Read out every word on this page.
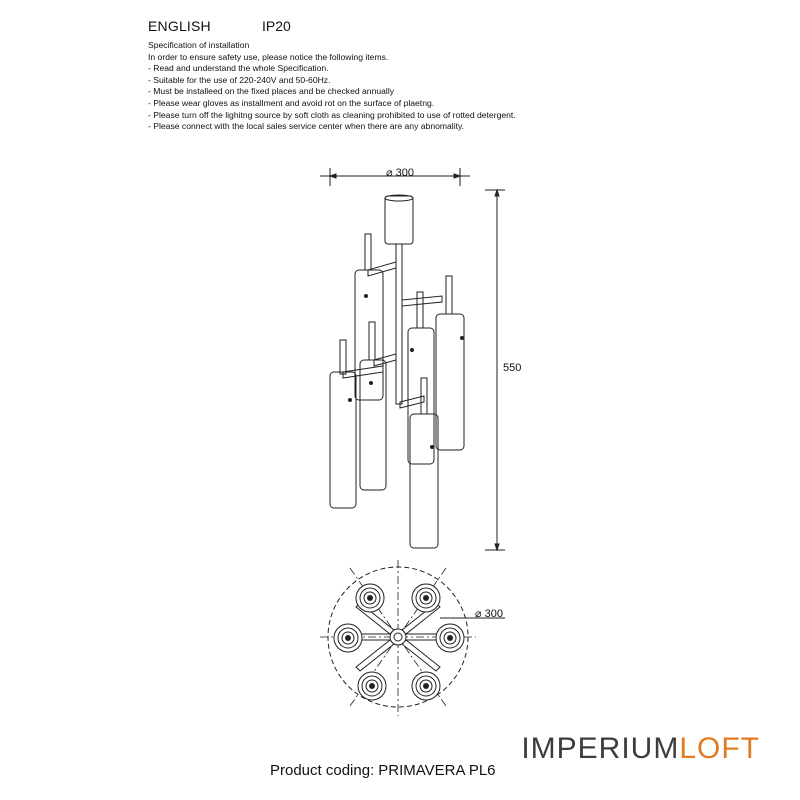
ENGLISH	IP20
Specification of installation
In order to ensure safety use, please notice the following items.
- Read and understand the whole Specification.
- Suitable for the use of 220-240V and 50-60Hz.
- Must be installeed on the fixed places and be checked annually
- Please wear gloves as installment and avoid rot on the surface of plaetng.
- Please turn off the lighitng source by soft cloth as cleaning prohibited to use of rotted detergent.
- Please connect with the local sales service center when there are any abnomality.
⌀ 300
550
⌀ 300
IMPERIUMLOFT
Product coding: PRIMAVERA PL6
